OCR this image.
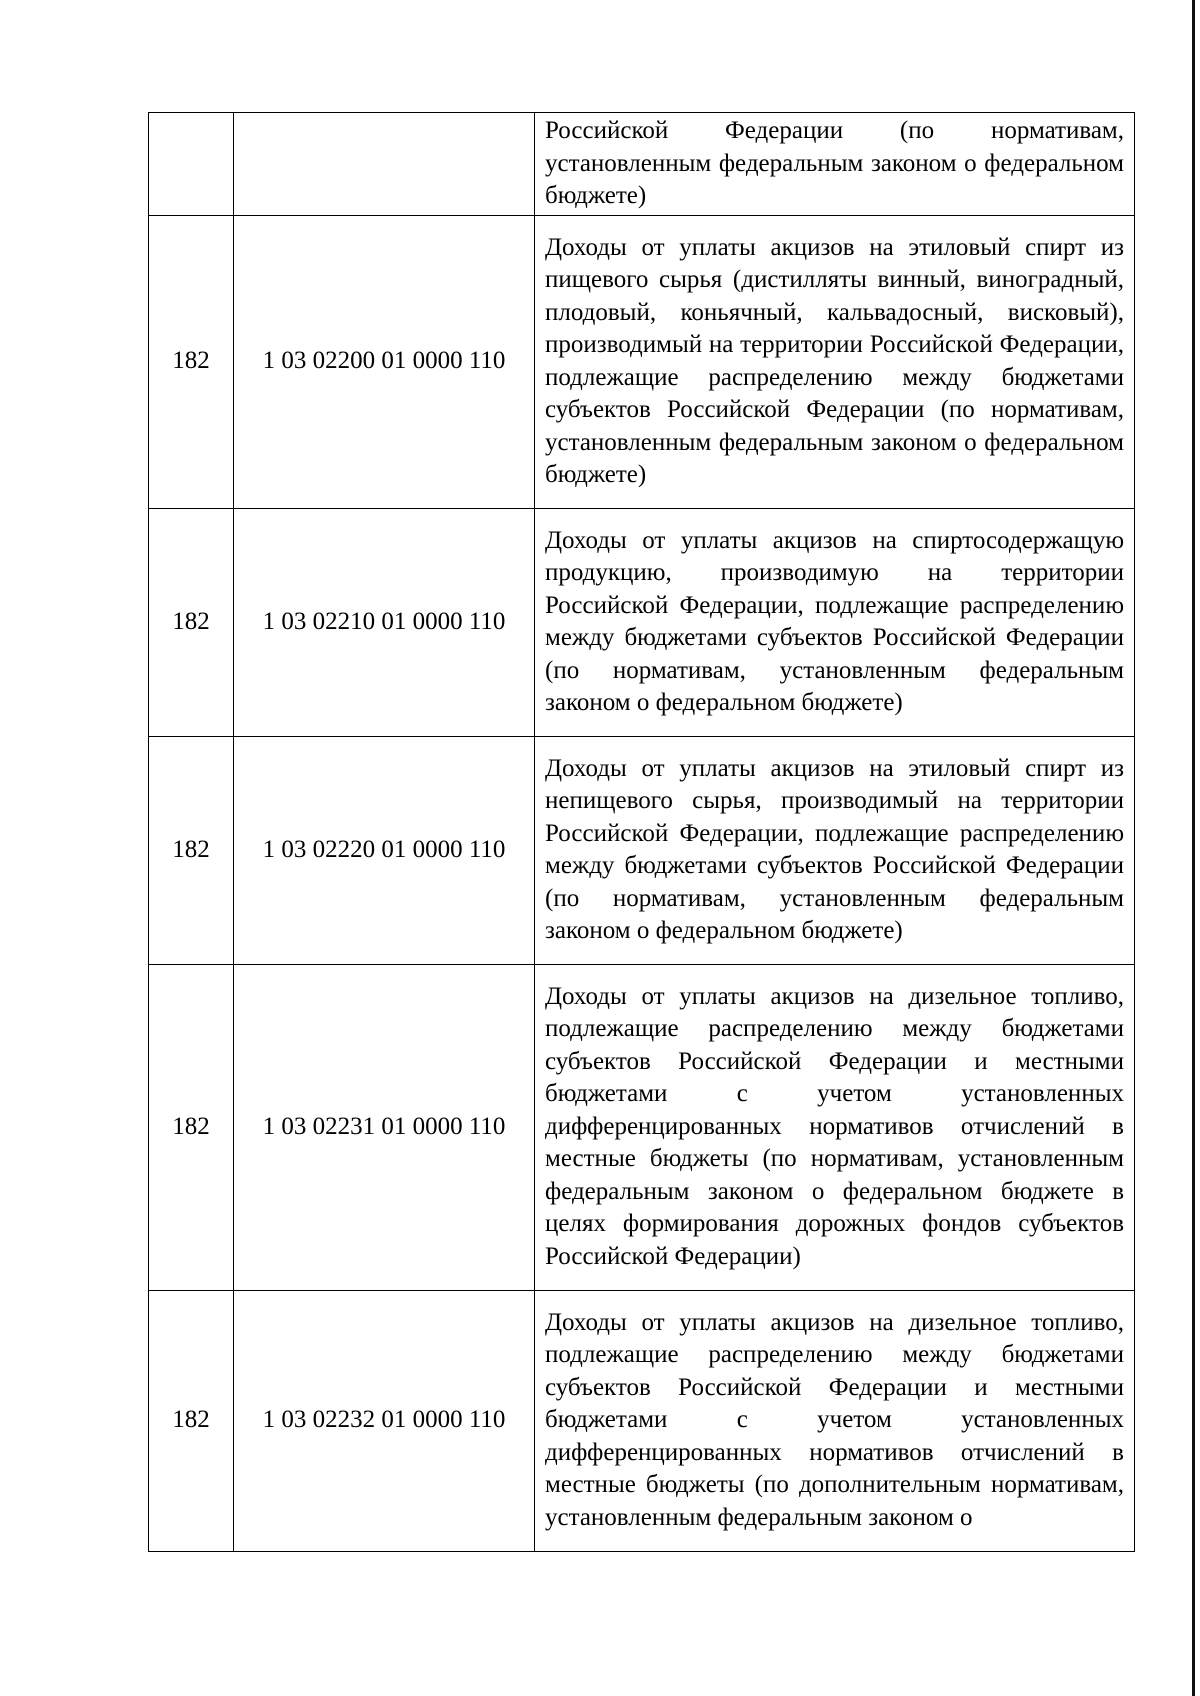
		Российской Федерации (по нормативам, установленным федеральным законом о федеральном бюджете)
182	1 03 02200 01 0000 110	Доходы от уплаты акцизов на этиловый спирт из пищевого сырья (дистилляты винный, виноградный, плодовый, коньячный, кальвадосный, висковый), производимый на территории Российской Федерации, подлежащие распределению между бюджетами субъектов Российской Федерации (по нормативам, установленным федеральным законом о федеральном бюджете)
182	1 03 02210 01 0000 110	Доходы от уплаты акцизов на спиртосодержащую продукцию, производимую на территории Российской Федерации, подлежащие распределению между бюджетами субъектов Российской Федерации (по нормативам, установленным федеральным законом о федеральном бюджете)
182	1 03 02220 01 0000 110	Доходы от уплаты акцизов на этиловый спирт из непищевого сырья, производимый на территории Российской Федерации, подлежащие распределению между бюджетами субъектов Российской Федерации (по нормативам, установленным федеральным законом о федеральном бюджете)
182	1 03 02231 01 0000 110	Доходы от уплаты акцизов на дизельное топливо, подлежащие распределению между бюджетами субъектов Российской Федерации и местными бюджетами с учетом установленных дифференцированных нормативов отчислений в местные бюджеты (по нормативам, установленным федеральным законом о федеральном бюджете в целях формирования дорожных фондов субъектов Российской Федерации)
182	1 03 02232 01 0000 110	Доходы от уплаты акцизов на дизельное топливо, подлежащие распределению между бюджетами субъектов Российской Федерации и местными бюджетами с учетом установленных дифференцированных нормативов отчислений в местные бюджеты (по дополнительным нормативам, установленным федеральным законом о
